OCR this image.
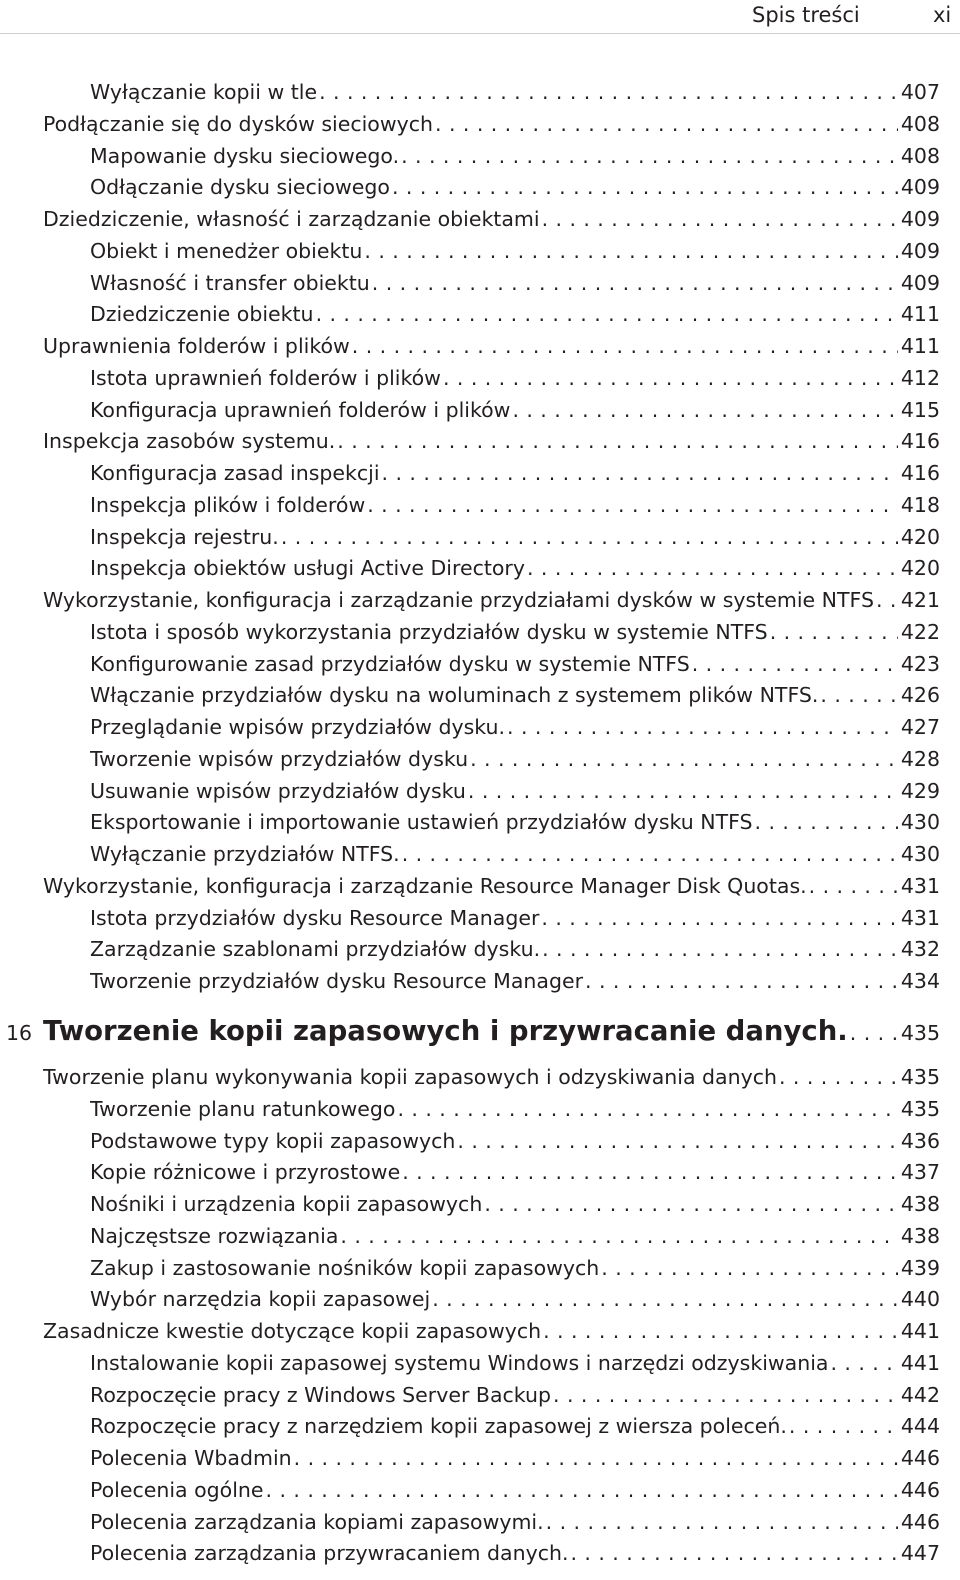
Spis treści	xi
Wyłączanie kopii w tle . . .	407
Podłączanie się do dysków sieciowych . . .	408
Mapowanie dysku sieciowego. . . .	408
Odłączanie dysku sieciowego . . .	409
Dziedziczenie, własność i zarządzanie obiektami . . .	409
Obiekt i menedżer obiektu . . .	409
Własność i transfer obiektu . . .	409
Dziedziczenie obiektu . . .	411
Uprawnienia folderów i plików . . .	411
Istota uprawnień folderów i plików . . .	412
Konfiguracja uprawnień folderów i plików . . .	415
Inspekcja zasobów systemu. . . .	416
Konfiguracja zasad inspekcji . . .	416
Inspekcja plików i folderów . . .	418
Inspekcja rejestru. . . .	420
Inspekcja obiektów usługi Active Directory . . .	420
Wykorzystanie, konfiguracja i zarządzanie przydziałami dysków w systemie NTFS . . . 421
Istota i sposób wykorzystania przydziałów dysku w systemie NTFS . . .	422
Konfigurowanie zasad przydziałów dysku w systemie NTFS . . .	423
Włączanie przydziałów dysku na woluminach z systemem plików NTFS. . . .	426
Przeglądanie wpisów przydziałów dysku. . . .	427
Tworzenie wpisów przydziałów dysku . . .	428
Usuwanie wpisów przydziałów dysku . . .	429
Eksportowanie i importowanie ustawień przydziałów dysku NTFS . . .	430
Wyłączanie przydziałów NTFS. . . .	430
Wykorzystanie, konfiguracja i zarządzanie Resource Manager Disk Quotas. . . .	431
Istota przydziałów dysku Resource Manager . . .	431
Zarządzanie szablonami przydziałów dysku. . . .	432
Tworzenie przydziałów dysku Resource Manager . . .	434
16 Tworzenie kopii zapasowych i przywracanie danych. . . .	435
Tworzenie planu wykonywania kopii zapasowych i odzyskiwania danych . . .	435
Tworzenie planu ratunkowego . . .	435
Podstawowe typy kopii zapasowych . . .	436
Kopie różnicowe i przyrostowe . . .	437
Nośniki i urządzenia kopii zapasowych . . .	438
Najczęstsze rozwiązania . . .	438
Zakup i zastosowanie nośników kopii zapasowych . . .	439
Wybór narzędzia kopii zapasowej . . .	440
Zasadnicze kwestie dotyczące kopii zapasowych . . .	441
Instalowanie kopii zapasowej systemu Windows i narzędzi odzyskiwania . . .	441
Rozpoczęcie pracy z Windows Server Backup . . .	442
Rozpoczęcie pracy z narzędziem kopii zapasowej z wiersza poleceń. . . .	444
Polecenia Wbadmin . . .	446
Polecenia ogólne . . .	446
Polecenia zarządzania kopiami zapasowymi. . . .	446
Polecenia zarządzania przywracaniem danych. . . .	447
